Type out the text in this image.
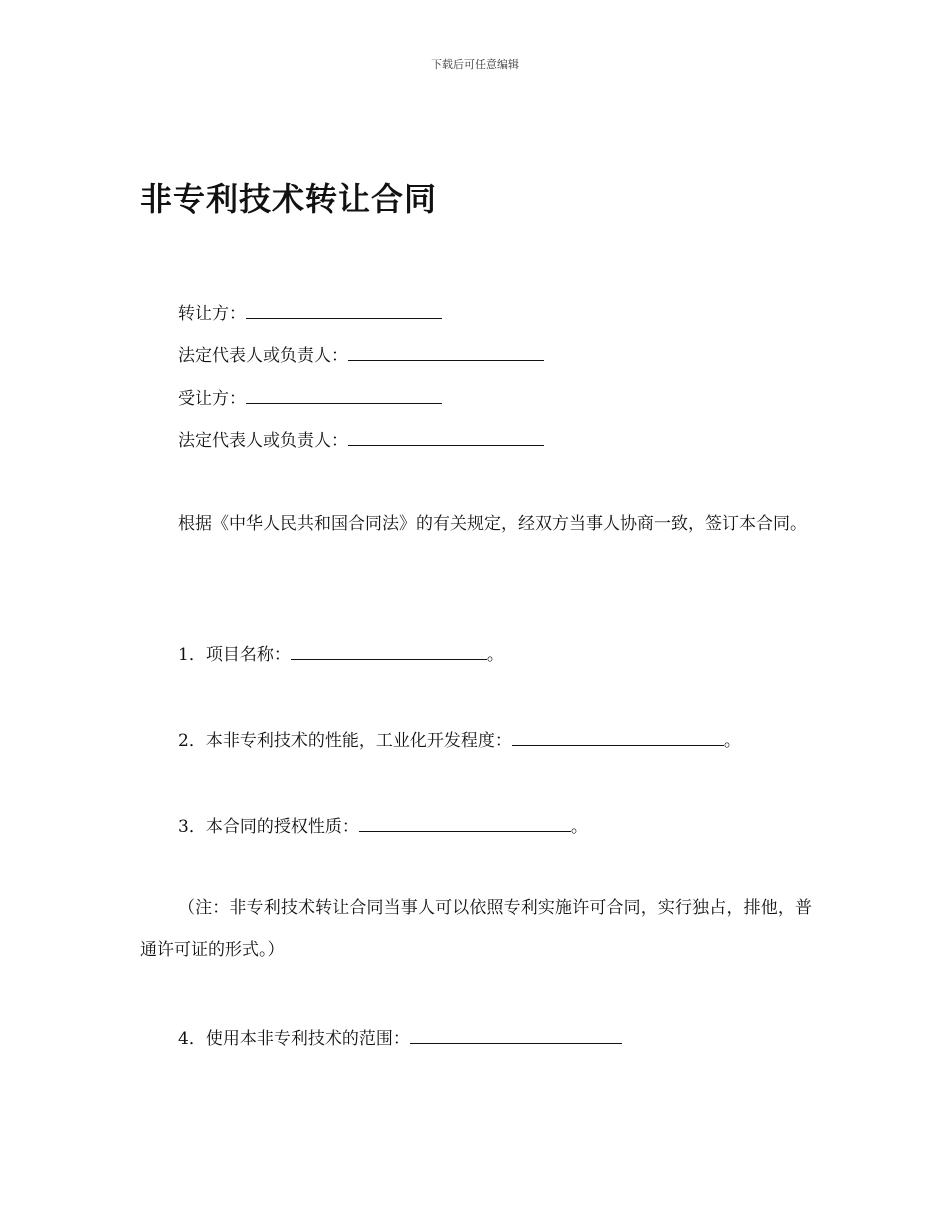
下载后可任意编辑
非专利技术转让合同
转让方：
法定代表人或负责人：
受让方：
法定代表人或负责人：

根据《中华人民共和国合同法》的有关规定，经双方当事人协商一致，签订本合同。

1．项目名称：	。
2．本非专利技术的性能，工业化开发程度：	。
3．本合同的授权性质：	。

（注：非专利技术转让合同当事人可以依照专利实施许可合同，实行独占，排他，普通许可证的形式。）

4．使用本非专利技术的范围：
